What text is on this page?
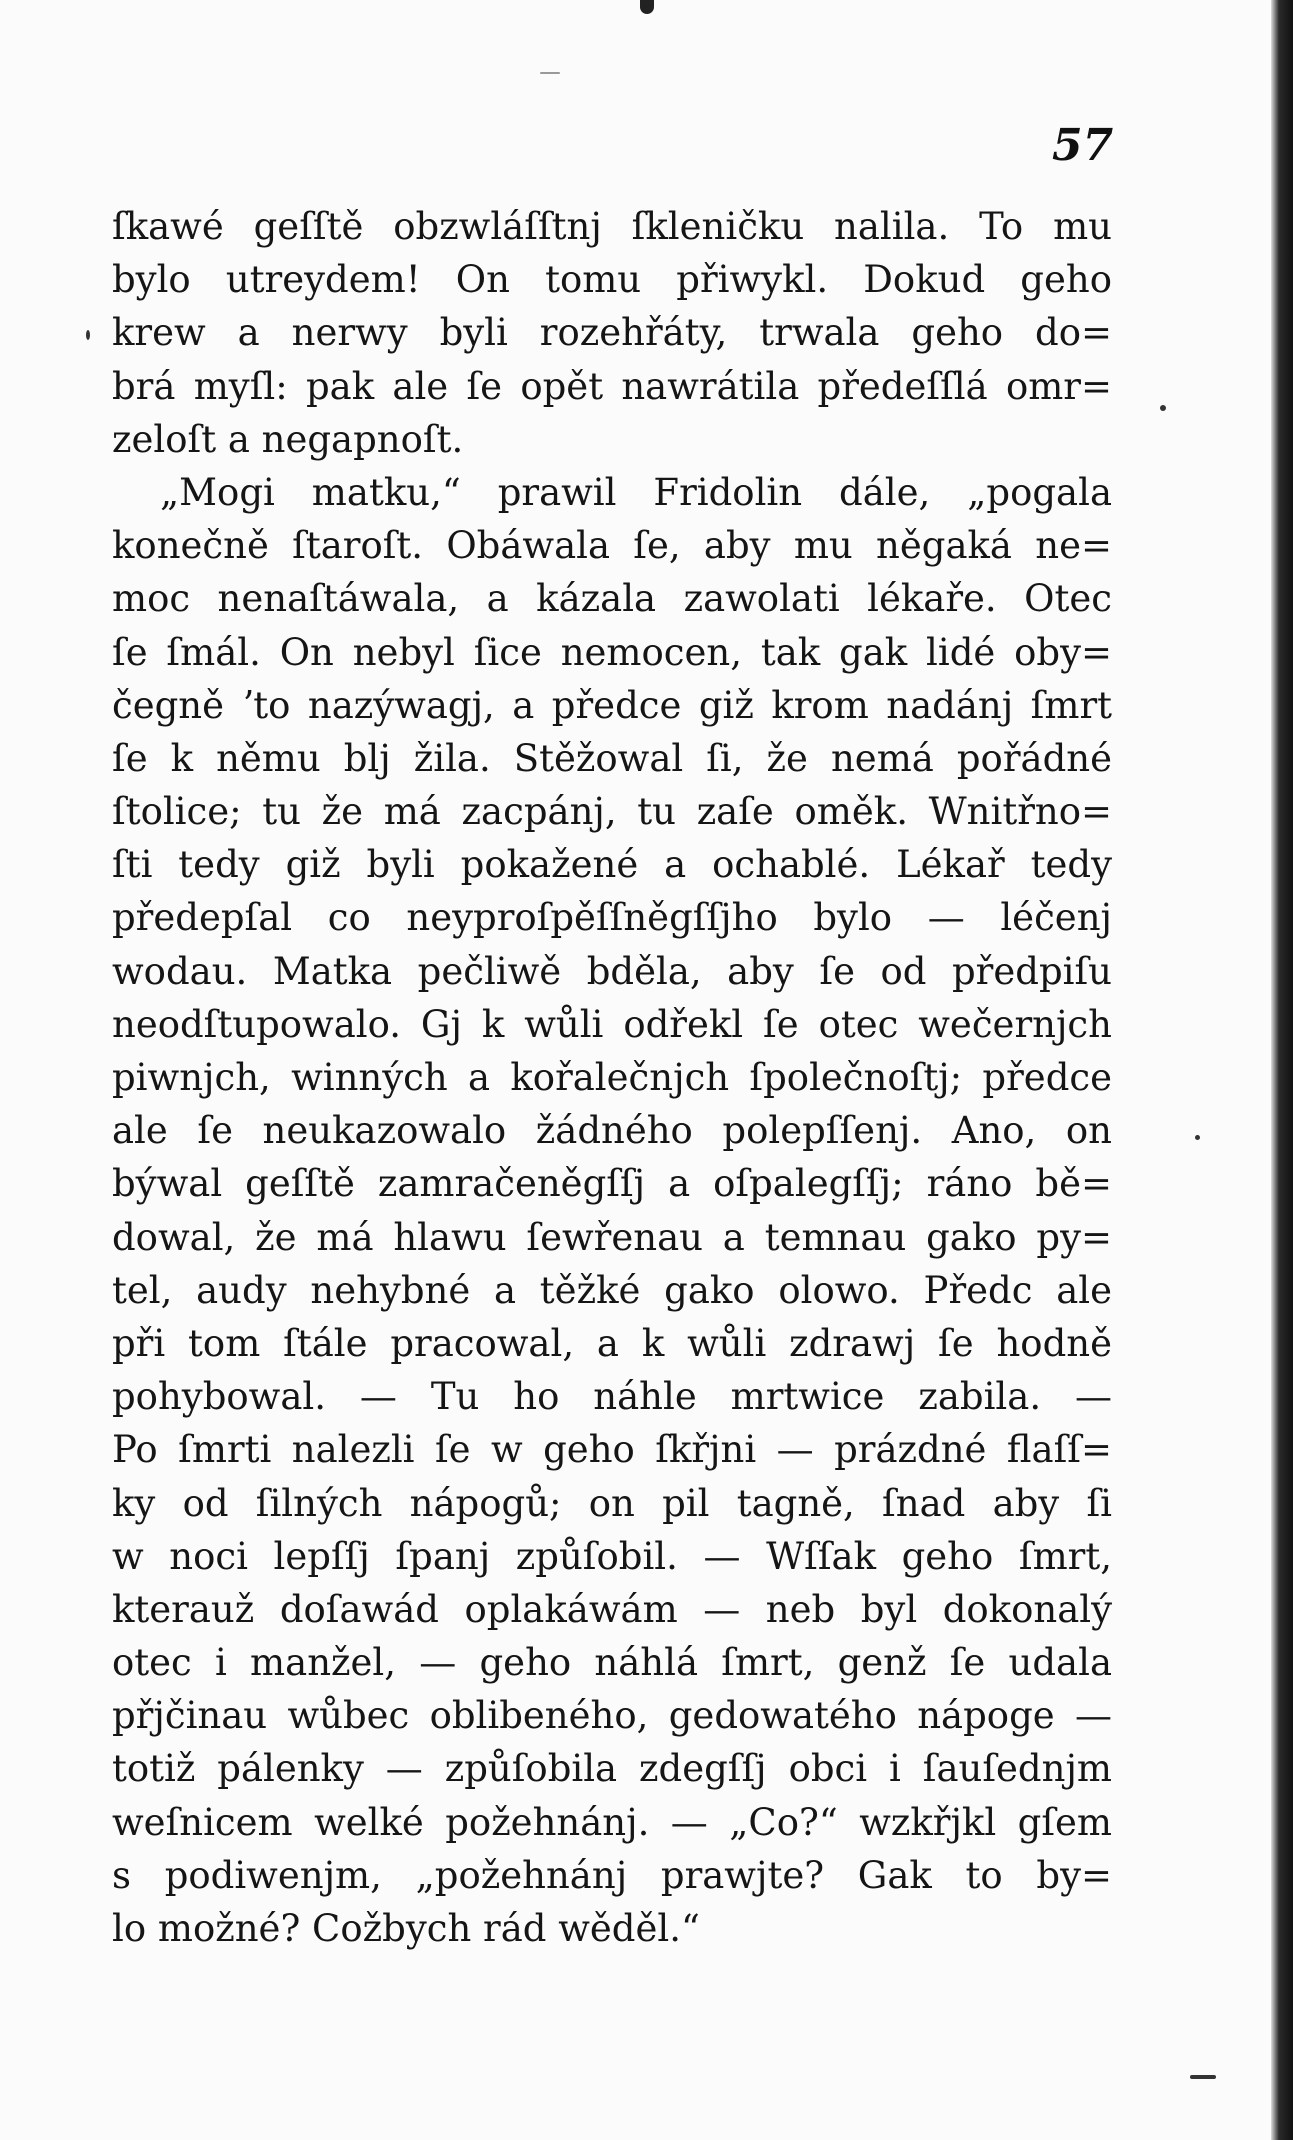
57
ſkawé geſſtě obzwláſſtnj ſkleničku nalila. To mu
bylo utreydem! On tomu přiwykl. Dokud geho
krew a nerwy byli rozehřáty, trwala geho do=
brá myſl: pak ale ſe opět nawrátila předeſſlá omr=
zeloſt a negapnoſt.
„Mogi matku,“ prawil Fridolin dále, „pogala
konečně ſtaroſt. Obáwala ſe, aby mu něgaká ne=
moc nenaſtáwala, a kázala zawolati lékaře. Otec
ſe ſmál. On nebyl ſice nemocen, tak gak lidé oby=
čegně ʼto nazýwagj, a předce giž krom nadánj ſmrt
ſe k němu blj žila. Stěžowal ſi, že nemá pořádné
ſtolice; tu že má zacpánj, tu zaſe oměk. Wnitřno=
ſti tedy giž byli pokažené a ochablé. Lékař tedy
předepſal co neyproſpěſſněgſſjho bylo — léčenj
wodau. Matka pečliwě bděla, aby ſe od předpiſu
neodſtupowalo. Gj k wůli odřekl ſe otec wečernjch
piwnjch, winných a kořalečnjch ſpolečnoſtj; předce
ale ſe neukazowalo žádného polepſſenj. Ano, on
býwal geſſtě zamračeněgſſj a oſpalegſſj; ráno bě=
dowal, že má hlawu ſewřenau a temnau gako py=
tel, audy nehybné a těžké gako olowo. Předc ale
při tom ſtále pracowal, a k wůli zdrawj ſe hodně
pohybowal. — Tu ho náhle mrtwice zabila. —
Po ſmrti nalezli ſe w geho ſkřjni — prázdné flaſſ=
ky od ſilných nápogů; on pil tagně, ſnad aby ſi
w noci lepſſj ſpanj způſobil. — Wſſak geho ſmrt,
kterauž doſawád oplakáwám — neb byl dokonalý
otec i manžel, — geho náhlá ſmrt, genž ſe udala
přjčinau wůbec oblibeného, gedowatého nápoge —
totiž pálenky — způſobila zdegſſj obci i ſauſednjm
weſnicem welké požehnánj. — „Co?“ wzkřjkl gſem
s podiwenjm, „požehnánj prawjte? Gak to by=
lo možné? Cožbych rád wěděl.“
